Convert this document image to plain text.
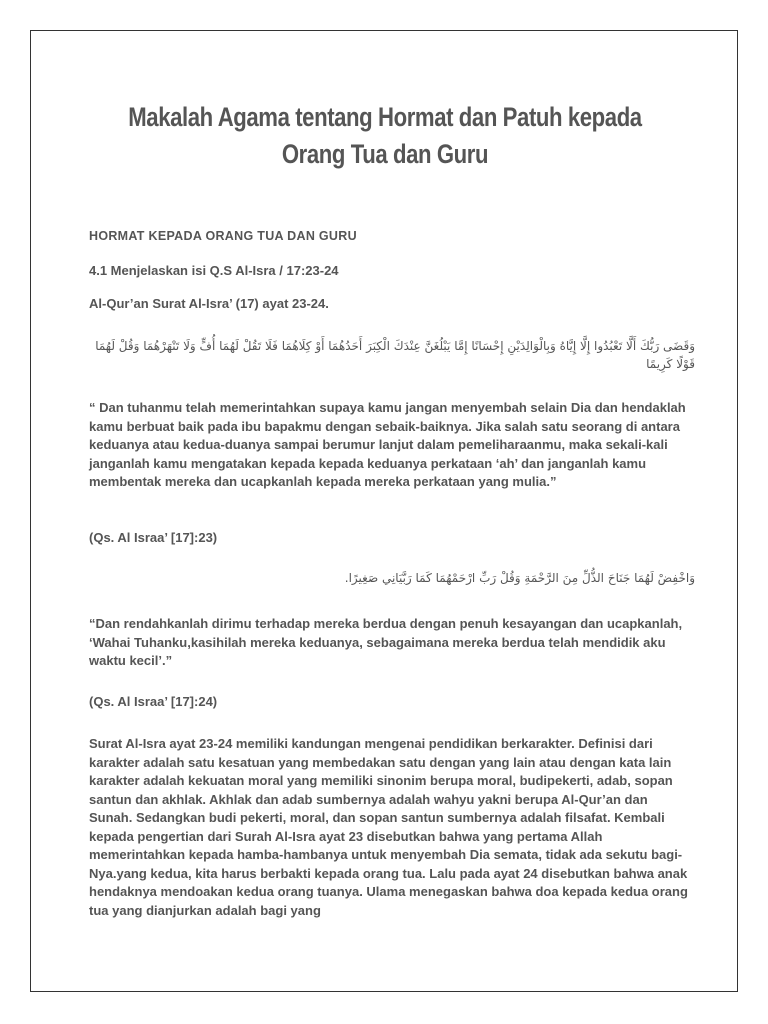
Makalah Agama tentang Hormat dan Patuh kepada Orang Tua dan Guru

HORMAT KEPADA ORANG TUA DAN GURU

4.1 Menjelaskan isi Q.S Al-Isra / 17:23-24

Al-Qur’an Surat Al-Isra’ (17) ayat 23-24.

وَقَضَى رَبُّكَ أَلَّا تَعْبُدُوا إِلَّا إِيَّاهُ وَبِالْوَالِدَيْنِ إِحْسَانًا إِمَّا يَبْلُغَنَّ عِنْدَكَ الْكِبَرَ أَحَدُهُمَا أَوْ كِلَاهُمَا فَلَا تَقُلْ لَهُمَا أُفٍّ وَلَا تَنْهَرْهُمَا وَقُلْ لَهُمَا قَوْلًا كَرِيمًا

“ Dan tuhanmu telah memerintahkan supaya kamu jangan menyembah selain Dia dan hendaklah kamu berbuat baik pada ibu bapakmu dengan sebaik-baiknya. Jika salah satu seorang di antara keduanya atau kedua-duanya sampai berumur lanjut dalam pemeliharaanmu, maka sekali-kali janganlah kamu mengatakan kepada kepada keduanya perkataan ‘ah’ dan janganlah kamu membentak mereka dan ucapkanlah kepada mereka perkataan yang mulia.”

(Qs. Al Israa’ [17]:23)

وَاخْفِضْ لَهُمَا جَنَاحَ الذُّلِّ مِنَ الرَّحْمَةِ وَقُلْ رَبِّ ارْحَمْهُمَا كَمَا رَبَّيَانِي صَغِيرًا.

“Dan rendahkanlah dirimu terhadap mereka berdua dengan penuh kesayangan dan ucapkanlah, ‘Wahai Tuhanku,kasihilah mereka keduanya, sebagaimana mereka berdua telah mendidik aku waktu kecil’.”

(Qs. Al Israa’ [17]:24)

Surat Al-Isra ayat 23-24 memiliki kandungan mengenai pendidikan berkarakter. Definisi dari karakter adalah satu kesatuan yang membedakan satu dengan yang lain atau dengan kata lain karakter adalah kekuatan moral yang memiliki sinonim berupa moral, budipekerti, adab, sopan santun dan akhlak. Akhlak dan adab sumbernya adalah wahyu yakni berupa Al-Qur’an dan Sunah. Sedangkan budi pekerti, moral, dan sopan santun sumbernya adalah filsafat. Kembali kepada pengertian dari Surah Al-Isra ayat 23 disebutkan bahwa yang pertama Allah memerintahkan kepada hamba-hambanya untuk menyembah Dia semata, tidak ada sekutu bagi-Nya.yang kedua, kita harus berbakti kepada orang tua. Lalu pada ayat 24 disebutkan bahwa anak hendaknya mendoakan kedua orang tuanya. Ulama menegaskan bahwa doa kepada kedua orang tua yang dianjurkan adalah bagi yang
